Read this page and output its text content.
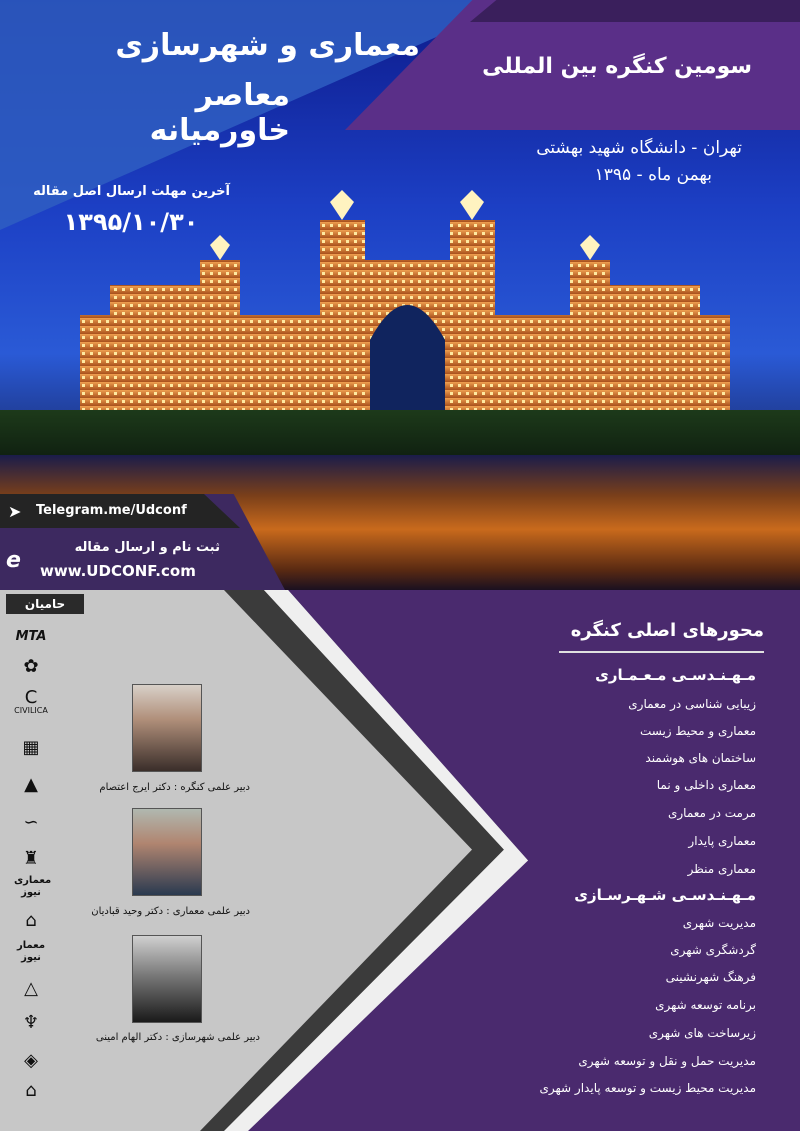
معماری و شهرسازی
معاصر خاورمیانه
سومین کنگره بین المللی
تهران - دانشگاه شهید بهشتی
بهمن ماه - ۱۳۹۵
آخرین مهلت ارسال اصل مقاله
۱۳۹۵/۱۰/۳۰
➤ Telegram.me/Udconf
e
ثبت نام و ارسال مقاله
www.UDCONF.com
حامیان
MTA
✿
C
CIVILICA
▦
▲
∽
♜
معماری نیوز
⌂
معمار نیوز
△
♆
◈
⌂
دبیر علمی کنگره : دکتر ایرج اعتصام
دبیر علمی معماری : دکتر وحید قبادیان
دبیر علمی شهرسازی : دکتر الهام امینی
محورهای اصلی کنگره
مـهـنـدسـی مـعـمـاری
زیبایی شناسی در معماری
معماری و محیط زیست
ساختمان های هوشمند
معماری داخلی و نما
مرمت در معماری
معماری پایدار
معماری منظر
مـهـنـدسـی شـهـرسـازی
مدیریت شهری
گردشگری شهری
فرهنگ شهرنشینی
برنامه توسعه شهری
زیرساخت های شهری
مدیریت حمل و نقل و توسعه شهری
مدیریت محیط زیست و توسعه پایدار شهری
